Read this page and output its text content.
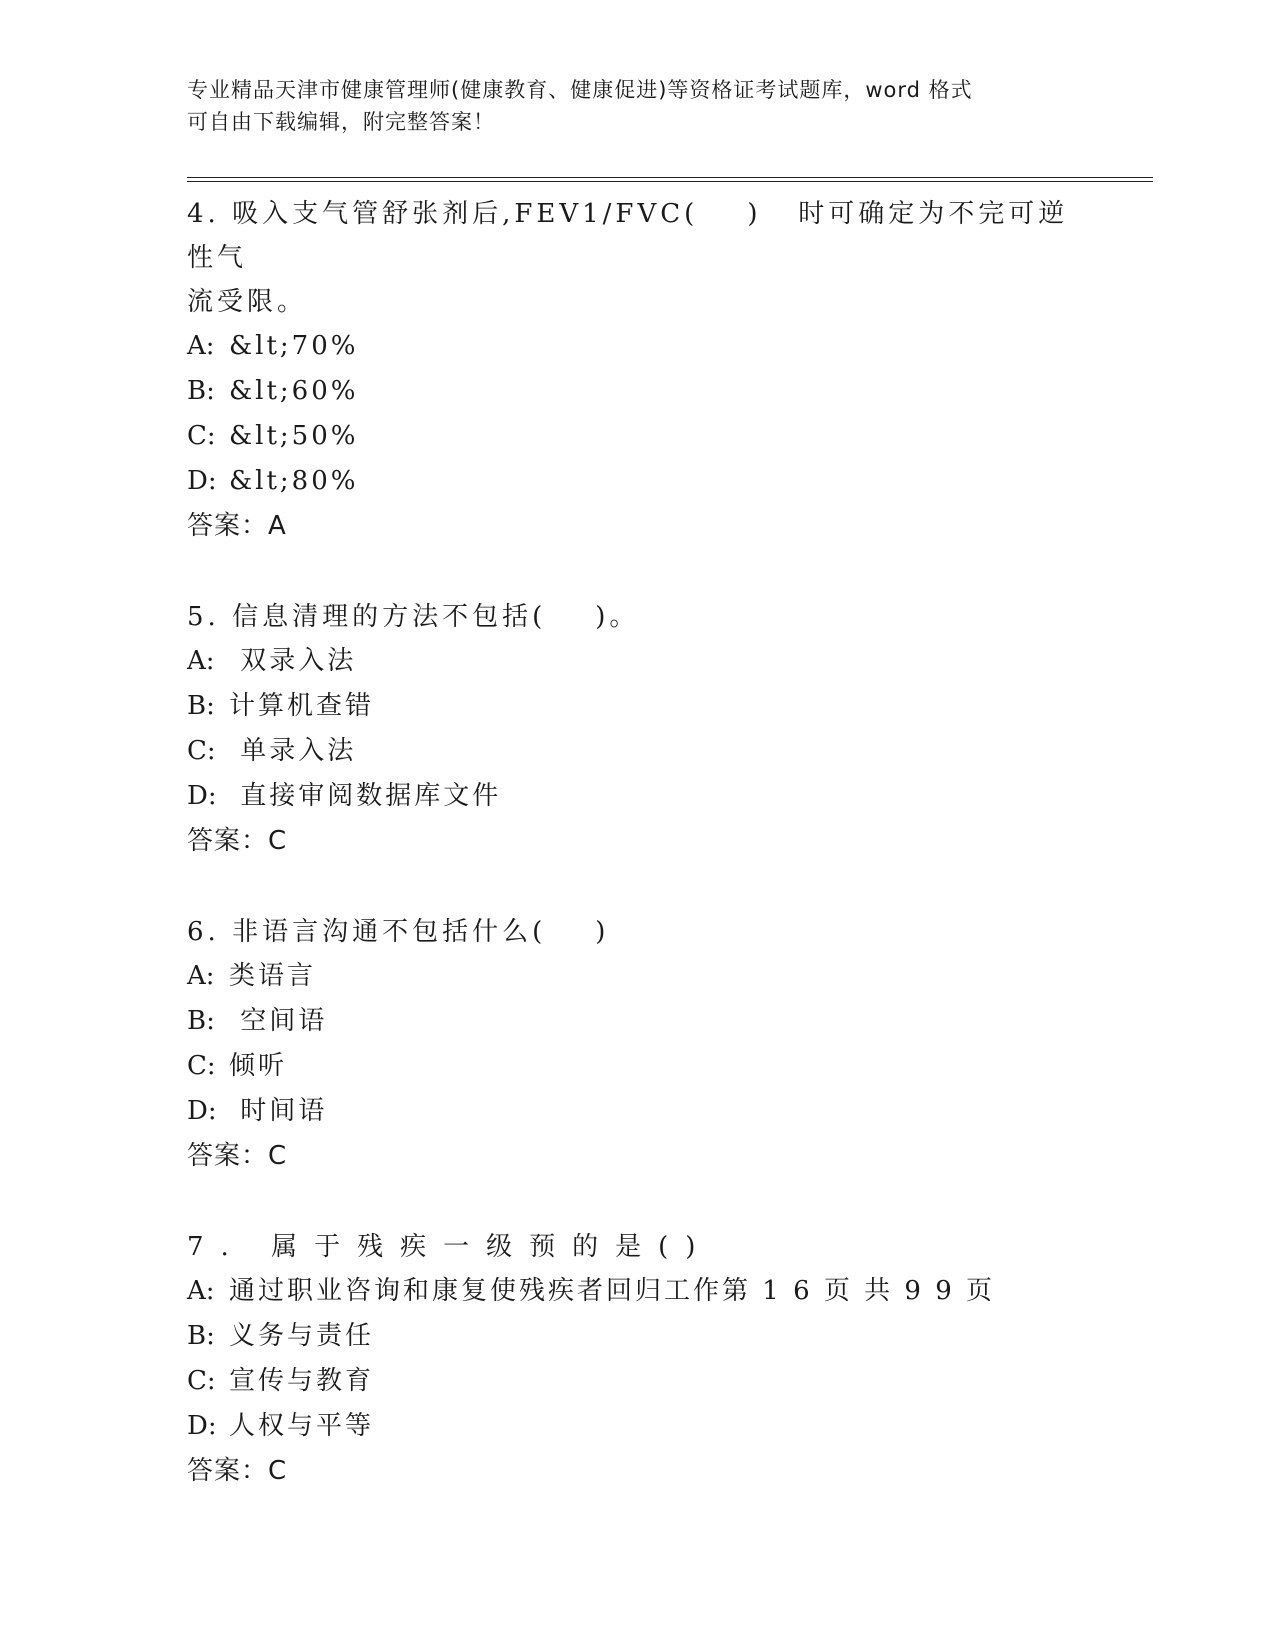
专业精品天津市健康管理师(健康教育、健康促进)等资格证考试题库，word 格式
可自由下载编辑，附完整答案！
4. 吸入支气管舒张剂后,FEV1/FVC(    )   时可确定为不完可逆性气
流受限。
A: &lt;70%
B: &lt;60%
C: &lt;50%
D: &lt;80%
答案：A
5. 信息清理的方法不包括(    )。
A: 双录入法
B: 计算机查错
C: 单录入法
D: 直接审阅数据库文件
答案：C
6. 非语言沟通不包括什么(    )
A: 类语言
B: 空间语
C: 倾听
D: 时间语
答案：C
7. 属于残疾一级预的是()
A: 通过职业咨询和康复使残疾者回归工作第 1 6 页 共 9 9 页
B: 义务与责任
C: 宣传与教育
D: 人权与平等
答案：C
